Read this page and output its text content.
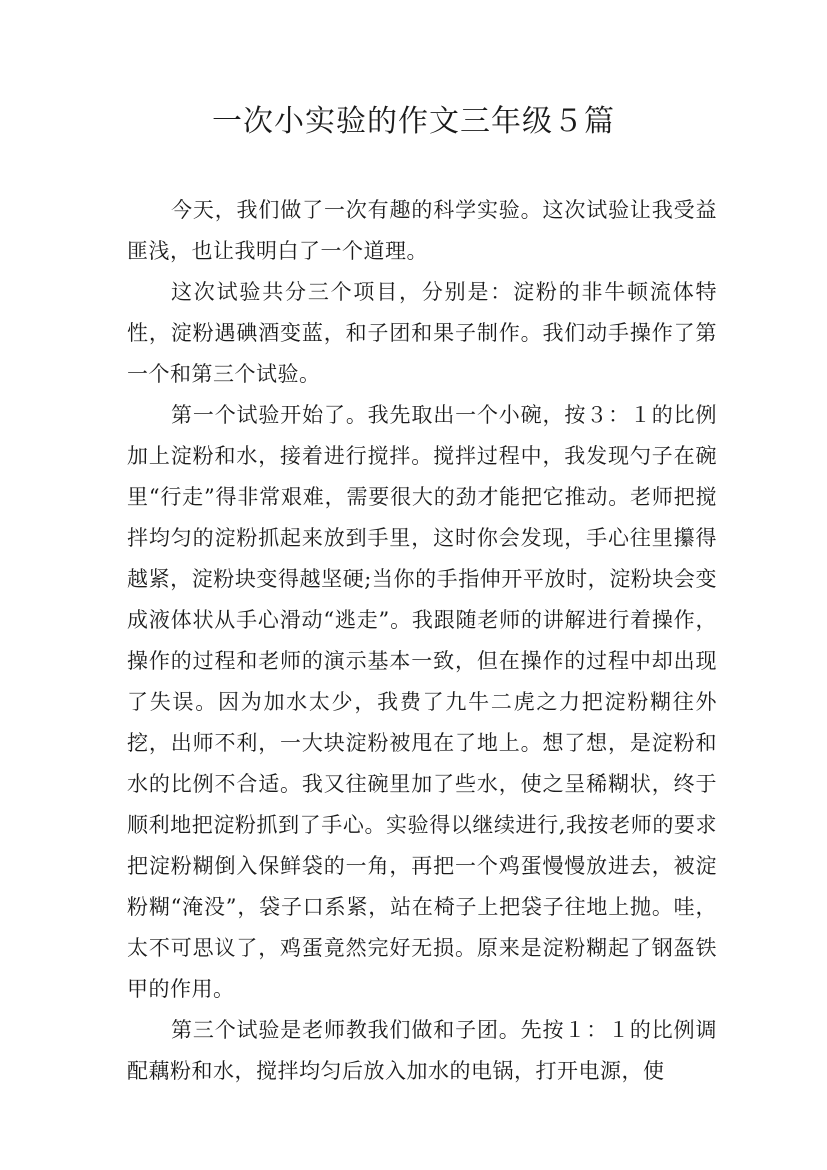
一次小实验的作文三年级５篇

今天，我们做了一次有趣的科学实验。这次试验让我受益匪浅，也让我明白了一个道理。

这次试验共分三个项目，分别是：淀粉的非牛顿流体特性，淀粉遇碘酒变蓝，和子团和果子制作。我们动手操作了第一个和第三个试验。

第一个试验开始了。我先取出一个小碗，按３：１的比例加上淀粉和水，接着进行搅拌。搅拌过程中，我发现勺子在碗里“行走”得非常艰难，需要很大的劲才能把它推动。老师把搅拌均匀的淀粉抓起来放到手里，这时你会发现，手心往里攥得越紧，淀粉块变得越坚硬;当你的手指伸开平放时，淀粉块会变成液体状从手心滑动“逃走”。我跟随老师的讲解进行着操作，操作的过程和老师的演示基本一致，但在操作的过程中却出现了失误。因为加水太少，我费了九牛二虎之力把淀粉糊往外挖，出师不利，一大块淀粉被甩在了地上。想了想，是淀粉和水的比例不合适。我又往碗里加了些水，使之呈稀糊状，终于顺利地把淀粉抓到了手心。实验得以继续进行,我按老师的要求把淀粉糊倒入保鲜袋的一角，再把一个鸡蛋慢慢放进去，被淀粉糊“淹没”，袋子口系紧，站在椅子上把袋子往地上抛。哇，太不可思议了，鸡蛋竟然完好无损。原来是淀粉糊起了钢盔铁甲的作用。

第三个试验是老师教我们做和子团。先按１：１的比例调配藕粉和水，搅拌均匀后放入加水的电锅，打开电源，使
